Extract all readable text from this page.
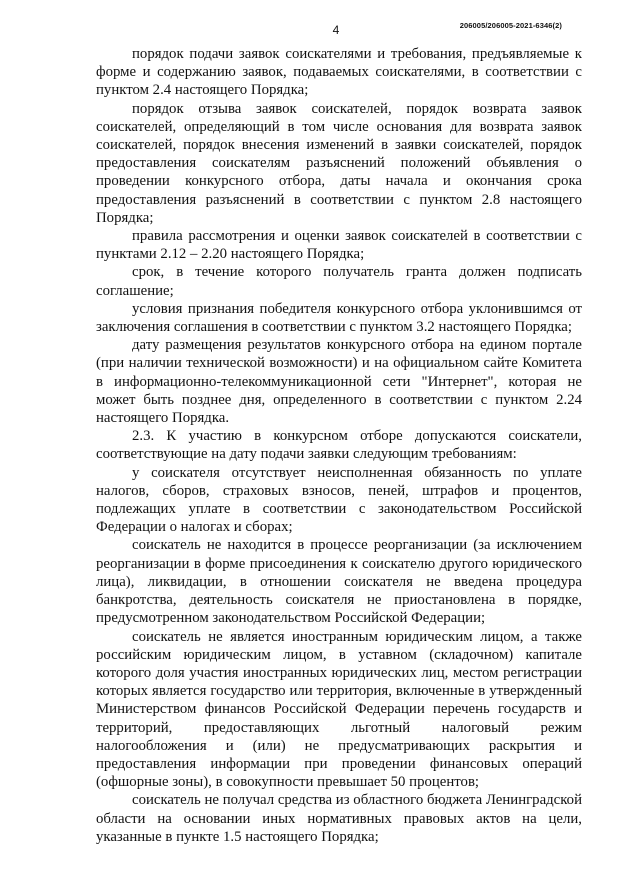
4	206005/206005-2021-6346(2)

порядок подачи заявок соискателями и требования, предъявляемые к форме и содержанию заявок, подаваемых соискателями, в соответствии с пунктом 2.4 настоящего Порядка;

порядок отзыва заявок соискателей, порядок возврата заявок соискателей, определяющий в том числе основания для возврата заявок соискателей, порядок внесения изменений в заявки соискателей, порядок предоставления соискателям разъяснений положений объявления о проведении конкурсного отбора, даты начала и окончания срока предоставления разъяснений в соответствии с пунктом 2.8 настоящего Порядка;

правила рассмотрения и оценки заявок соискателей в соответствии с пунктами 2.12 – 2.20 настоящего Порядка;

срок, в течение которого получатель гранта должен подписать соглашение;

условия признания победителя конкурсного отбора уклонившимся от заключения соглашения в соответствии с пунктом 3.2 настоящего Порядка;

дату размещения результатов конкурсного отбора на едином портале (при наличии технической возможности) и на официальном сайте Комитета в информационно-телекоммуникационной сети "Интернет", которая не может быть позднее дня, определенного в соответствии с пунктом 2.24 настоящего Порядка.

2.3. К участию в конкурсном отборе допускаются соискатели, соответствующие на дату подачи заявки следующим требованиям:

у соискателя отсутствует неисполненная обязанность по уплате налогов, сборов, страховых взносов, пеней, штрафов и процентов, подлежащих уплате в соответствии с законодательством Российской Федерации о налогах и сборах;

соискатель не находится в процессе реорганизации (за исключением реорганизации в форме присоединения к соискателю другого юридического лица), ликвидации, в отношении соискателя не введена процедура банкротства, деятельность соискателя не приостановлена в порядке, предусмотренном законодательством Российской Федерации;

соискатель не является иностранным юридическим лицом, а также российским юридическим лицом, в уставном (складочном) капитале которого доля участия иностранных юридических лиц, местом регистрации которых является государство или территория, включенные в утвержденный Министерством финансов Российской Федерации перечень государств и территорий, предоставляющих льготный налоговый режим налогообложения и (или) не предусматривающих раскрытия и предоставления информации при проведении финансовых операций (офшорные зоны), в совокупности превышает 50 процентов;

соискатель не получал средства из областного бюджета Ленинградской области на основании иных нормативных правовых актов на цели, указанные в пункте 1.5 настоящего Порядка;
